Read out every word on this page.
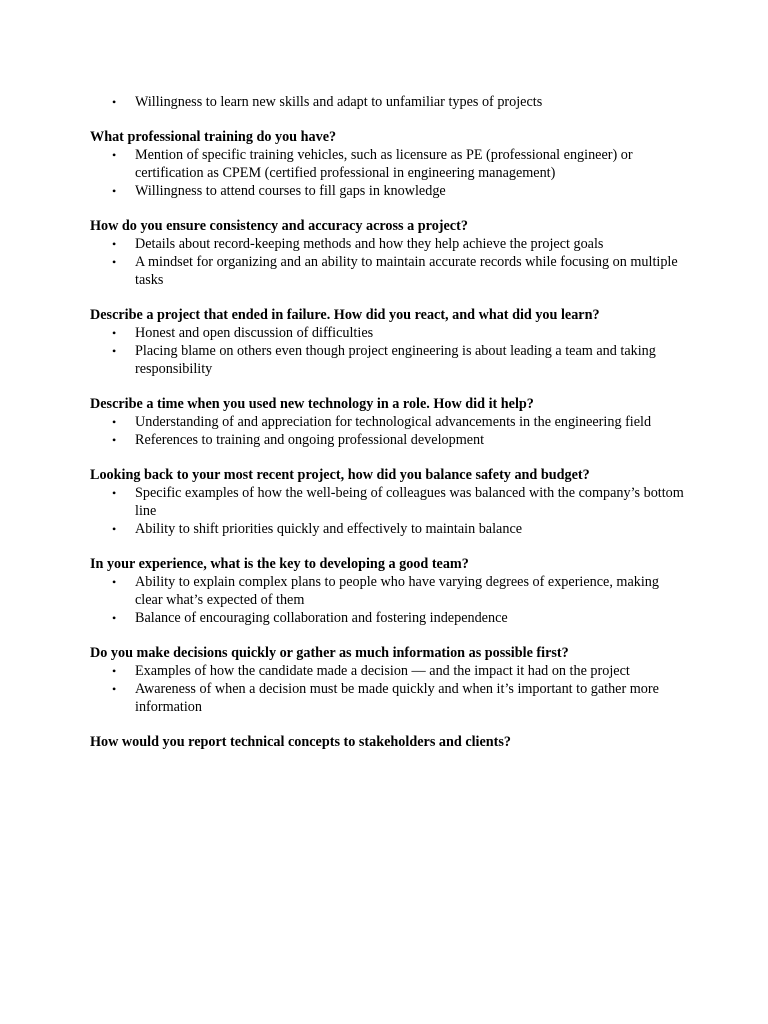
• Willingness to learn new skills and adapt to unfamiliar types of projects

What professional training do you have?

• Mention of specific training vehicles, such as licensure as PE (professional engineer) or certification as CPEM (certified professional in engineering management)
• Willingness to attend courses to fill gaps in knowledge

How do you ensure consistency and accuracy across a project?

• Details about record-keeping methods and how they help achieve the project goals
• A mindset for organizing and an ability to maintain accurate records while focusing on multiple tasks

Describe a project that ended in failure. How did you react, and what did you learn?

• Honest and open discussion of difficulties
• Placing blame on others even though project engineering is about leading a team and taking responsibility

Describe a time when you used new technology in a role. How did it help?

• Understanding of and appreciation for technological advancements in the engineering field
• References to training and ongoing professional development

Looking back to your most recent project, how did you balance safety and budget?

• Specific examples of how the well-being of colleagues was balanced with the company’s bottom line
• Ability to shift priorities quickly and effectively to maintain balance

In your experience, what is the key to developing a good team?

• Ability to explain complex plans to people who have varying degrees of experience, making clear what’s expected of them
• Balance of encouraging collaboration and fostering independence

Do you make decisions quickly or gather as much information as possible first?

• Examples of how the candidate made a decision — and the impact it had on the project
• Awareness of when a decision must be made quickly and when it’s important to gather more information

How would you report technical concepts to stakeholders and clients?
